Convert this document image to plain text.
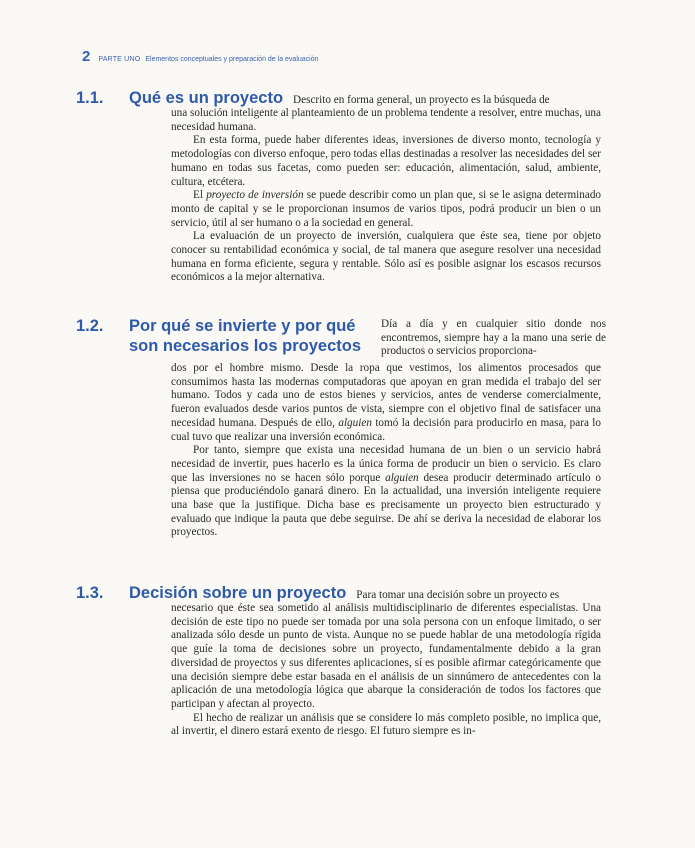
2 PARTE UNO Elementos conceptuales y preparación de la evaluación
1.1. Qué es un proyecto Descrito en forma general, un proyecto es la búsqueda de

una solución inteligente al planteamiento de un problema tendente a resolver, entre muchas, una necesidad humana.

En esta forma, puede haber diferentes ideas, inversiones de diverso monto, tecnología y metodologías con diverso enfoque, pero todas ellas destinadas a resolver las necesidades del ser humano en todas sus facetas, como pueden ser: educación, alimentación, salud, ambiente, cultura, etcétera.

El proyecto de inversión se puede describir como un plan que, si se le asigna determinado monto de capital y se le proporcionan insumos de varios tipos, podrá producir un bien o un servicio, útil al ser humano o a la sociedad en general.

La evaluación de un proyecto de inversión, cualquiera que éste sea, tiene por objeto conocer su rentabilidad económica y social, de tal manera que asegure resolver una necesidad humana en forma eficiente, segura y rentable. Sólo así es posible asignar los escasos recursos económicos a la mejor alternativa.

1.2. Por qué se invierte y por qué
son necesarios los proyectos
Día a día y en cualquier sitio donde nos encontremos, siempre hay a la mano una serie de productos o servicios proporciona-

dos por el hombre mismo. Desde la ropa que vestimos, los alimentos procesados que consumimos hasta las modernas computadoras que apoyan en gran medida el trabajo del ser humano. Todos y cada uno de estos bienes y servicios, antes de venderse comercialmente, fueron evaluados desde varios puntos de vista, siempre con el objetivo final de satisfacer una necesidad humana. Después de ello, alguien tomó la decisión para producirlo en masa, para lo cual tuvo que realizar una inversión económica.

Por tanto, siempre que exista una necesidad humana de un bien o un servicio habrá necesidad de invertir, pues hacerlo es la única forma de producir un bien o servicio. Es claro que las inversiones no se hacen sólo porque alguien desea producir determinado artículo o piensa que produciéndolo ganará dinero. En la actualidad, una inversión inteligente requiere una base que la justifique. Dicha base es precisamente un proyecto bien estructurado y evaluado que indique la pauta que debe seguirse. De ahí se deriva la necesidad de elaborar los proyectos.

1.3. Decisión sobre un proyecto Para tomar una decisión sobre un proyecto es

necesario que éste sea sometido al análisis multidisciplinario de diferentes especialistas. Una decisión de este tipo no puede ser tomada por una sola persona con un enfoque limitado, o ser analizada sólo desde un punto de vista. Aunque no se puede hablar de una metodología rígida que guíe la toma de decisiones sobre un proyecto, fundamentalmente debido a la gran diversidad de proyectos y sus diferentes aplicaciones, sí es posible afirmar categóricamente que una decisión siempre debe estar basada en el análisis de un sinnúmero de antecedentes con la aplicación de una metodología lógica que abarque la consideración de todos los factores que participan y afectan al proyecto.

El hecho de realizar un análisis que se considere lo más completo posible, no implica que, al invertir, el dinero estará exento de riesgo. El futuro siempre es in-
